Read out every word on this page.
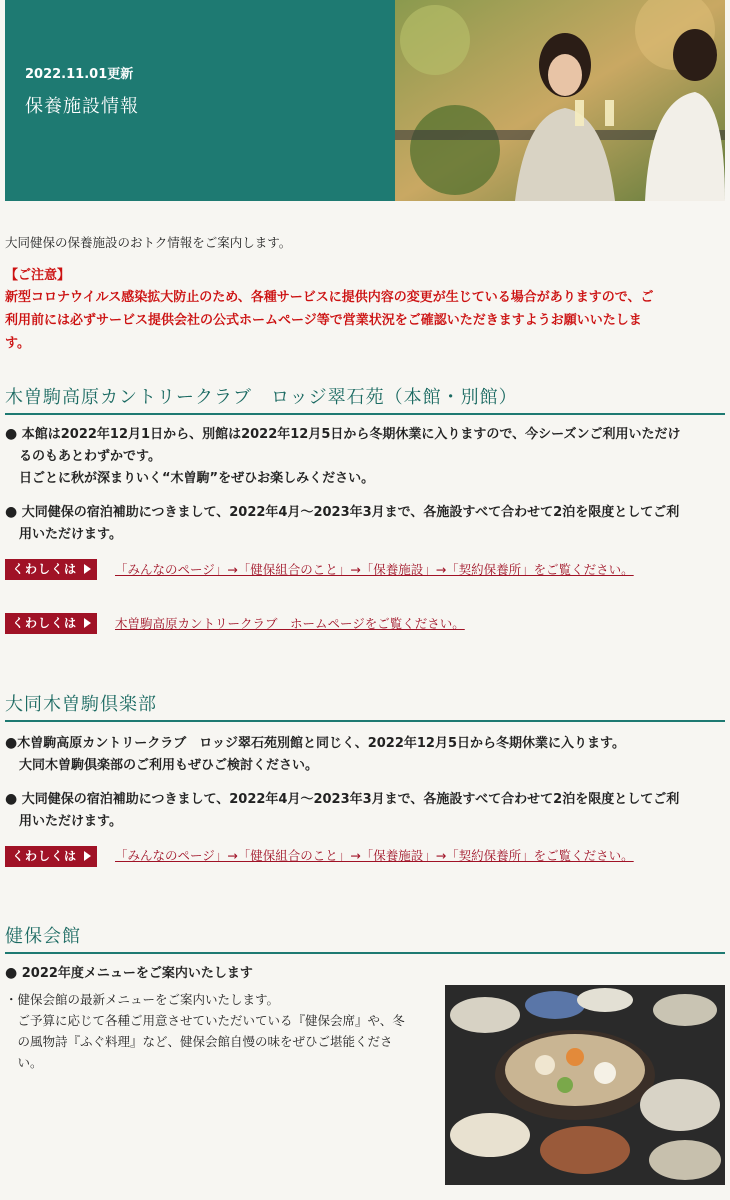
2022.11.01更新
保養施設情報
大同健保の保養施設のおトク情報をご案内します。
【ご注意】
新型コロナウイルス感染拡大防止のため、各種サービスに提供内容の変更が生じている場合がありますので、ご
利用前には必ずサービス提供会社の公式ホームページ等で営業状況をご確認いただきますようお願いいたしま
す。
木曽駒高原カントリークラブ　ロッジ翠石苑（本館・別館）
● 本館は2022年12月1日から、別館は2022年12月5日から冬期休業に入りますので、今シーズンご利用いただけ
るのもあとわずかです。
日ごとに秋が深まりいく“木曽駒”をぜひお楽しみください。
● 大同健保の宿泊補助につきまして、2022年4月～2023年3月まで、各施設すべて合わせて2泊を限度としてご利
用いただけます。
くわしくは	「みんなのページ」→「健保組合のこと」→「保養施設」→「契約保養所」をご覧ください。
くわしくは	木曽駒高原カントリークラブ　ホームページをご覧ください。
大同木曽駒倶楽部
●木曽駒高原カントリークラブ　ロッジ翠石苑別館と同じく、2022年12月5日から冬期休業に入ります。
大同木曽駒倶楽部のご利用もぜひご検討ください。
● 大同健保の宿泊補助につきまして、2022年4月～2023年3月まで、各施設すべて合わせて2泊を限度としてご利
用いただけます。
くわしくは	「みんなのページ」→「健保組合のこと」→「保養施設」→「契約保養所」をご覧ください。
健保会館
● 2022年度メニューをご案内いたします
・健保会館の最新メニューをご案内いたします。
　ご予算に応じて各種ご用意させていただいている『健保会席』や、冬
　の風物詩『ふぐ料理』など、健保会館自慢の味をぜひご堪能くださ
　い。
